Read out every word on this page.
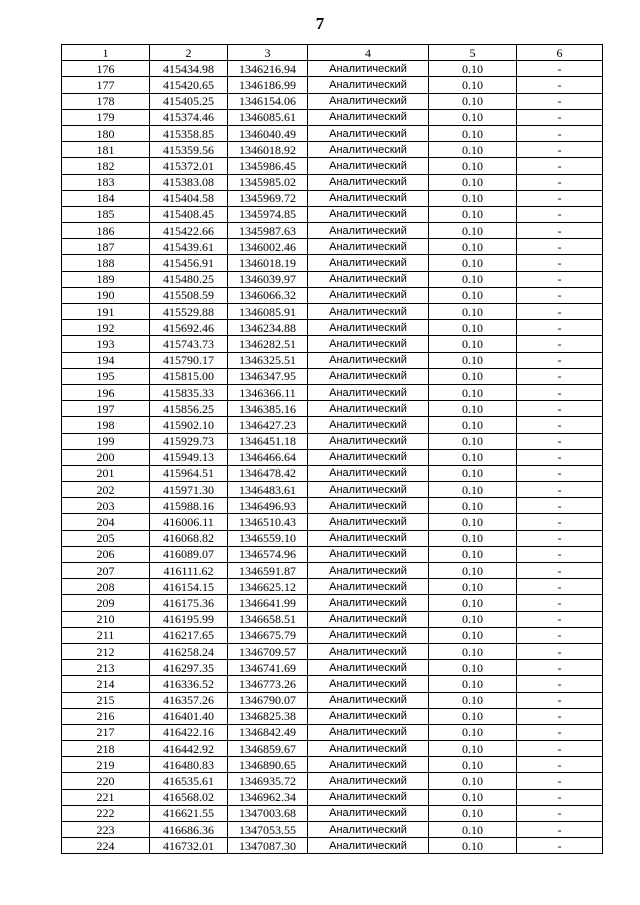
7
1	2	3	4	5	6
176	415434.98	1346216.94	Аналитический	0.10	-
177	415420.65	1346186.99	Аналитический	0.10	-
178	415405.25	1346154.06	Аналитический	0.10	-
179	415374.46	1346085.61	Аналитический	0.10	-
180	415358.85	1346040.49	Аналитический	0.10	-
181	415359.56	1346018.92	Аналитический	0.10	-
182	415372.01	1345986.45	Аналитический	0.10	-
183	415383.08	1345985.02	Аналитический	0.10	-
184	415404.58	1345969.72	Аналитический	0.10	-
185	415408.45	1345974.85	Аналитический	0.10	-
186	415422.66	1345987.63	Аналитический	0.10	-
187	415439.61	1346002.46	Аналитический	0.10	-
188	415456.91	1346018.19	Аналитический	0.10	-
189	415480.25	1346039.97	Аналитический	0.10	-
190	415508.59	1346066.32	Аналитический	0.10	-
191	415529.88	1346085.91	Аналитический	0.10	-
192	415692.46	1346234.88	Аналитический	0.10	-
193	415743.73	1346282.51	Аналитический	0.10	-
194	415790.17	1346325.51	Аналитический	0.10	-
195	415815.00	1346347.95	Аналитический	0.10	-
196	415835.33	1346366.11	Аналитический	0.10	-
197	415856.25	1346385.16	Аналитический	0.10	-
198	415902.10	1346427.23	Аналитический	0.10	-
199	415929.73	1346451.18	Аналитический	0.10	-
200	415949.13	1346466.64	Аналитический	0.10	-
201	415964.51	1346478.42	Аналитический	0.10	-
202	415971.30	1346483.61	Аналитический	0.10	-
203	415988.16	1346496.93	Аналитический	0.10	-
204	416006.11	1346510.43	Аналитический	0.10	-
205	416068.82	1346559.10	Аналитический	0.10	-
206	416089.07	1346574.96	Аналитический	0.10	-
207	416111.62	1346591.87	Аналитический	0.10	-
208	416154.15	1346625.12	Аналитический	0.10	-
209	416175.36	1346641.99	Аналитический	0.10	-
210	416195.99	1346658.51	Аналитический	0.10	-
211	416217.65	1346675.79	Аналитический	0.10	-
212	416258.24	1346709.57	Аналитический	0.10	-
213	416297.35	1346741.69	Аналитический	0.10	-
214	416336.52	1346773.26	Аналитический	0.10	-
215	416357.26	1346790.07	Аналитический	0.10	-
216	416401.40	1346825.38	Аналитический	0.10	-
217	416422.16	1346842.49	Аналитический	0.10	-
218	416442.92	1346859.67	Аналитический	0.10	-
219	416480.83	1346890.65	Аналитический	0.10	-
220	416535.61	1346935.72	Аналитический	0.10	-
221	416568.02	1346962.34	Аналитический	0.10	-
222	416621.55	1347003.68	Аналитический	0.10	-
223	416686.36	1347053.55	Аналитический	0.10	-
224	416732.01	1347087.30	Аналитический	0.10	-
